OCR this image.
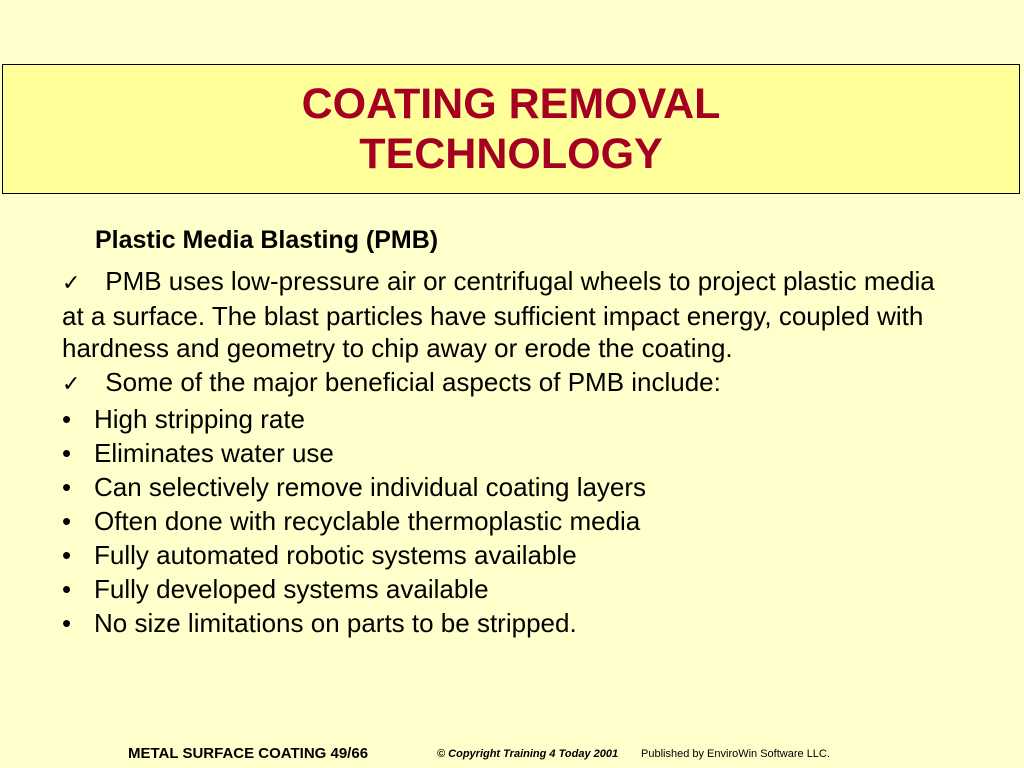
COATING REMOVAL
TECHNOLOGY
Plastic Media Blasting (PMB)

✓ PMB uses low-pressure air or centrifugal wheels to project plastic media at a surface. The blast particles have sufficient impact energy, coupled with hardness and geometry to chip away or erode the coating.

✓ Some of the major beneficial aspects of PMB include:

• High stripping rate
• Eliminates water use
• Can selectively remove individual coating layers
• Often done with recyclable thermoplastic media
• Fully automated robotic systems available
• Fully developed systems available
• No size limitations on parts to be stripped.
METAL SURFACE COATING 49/66	© Copyright Training 4 Today 2001 Published by EnviroWin Software LLC.
